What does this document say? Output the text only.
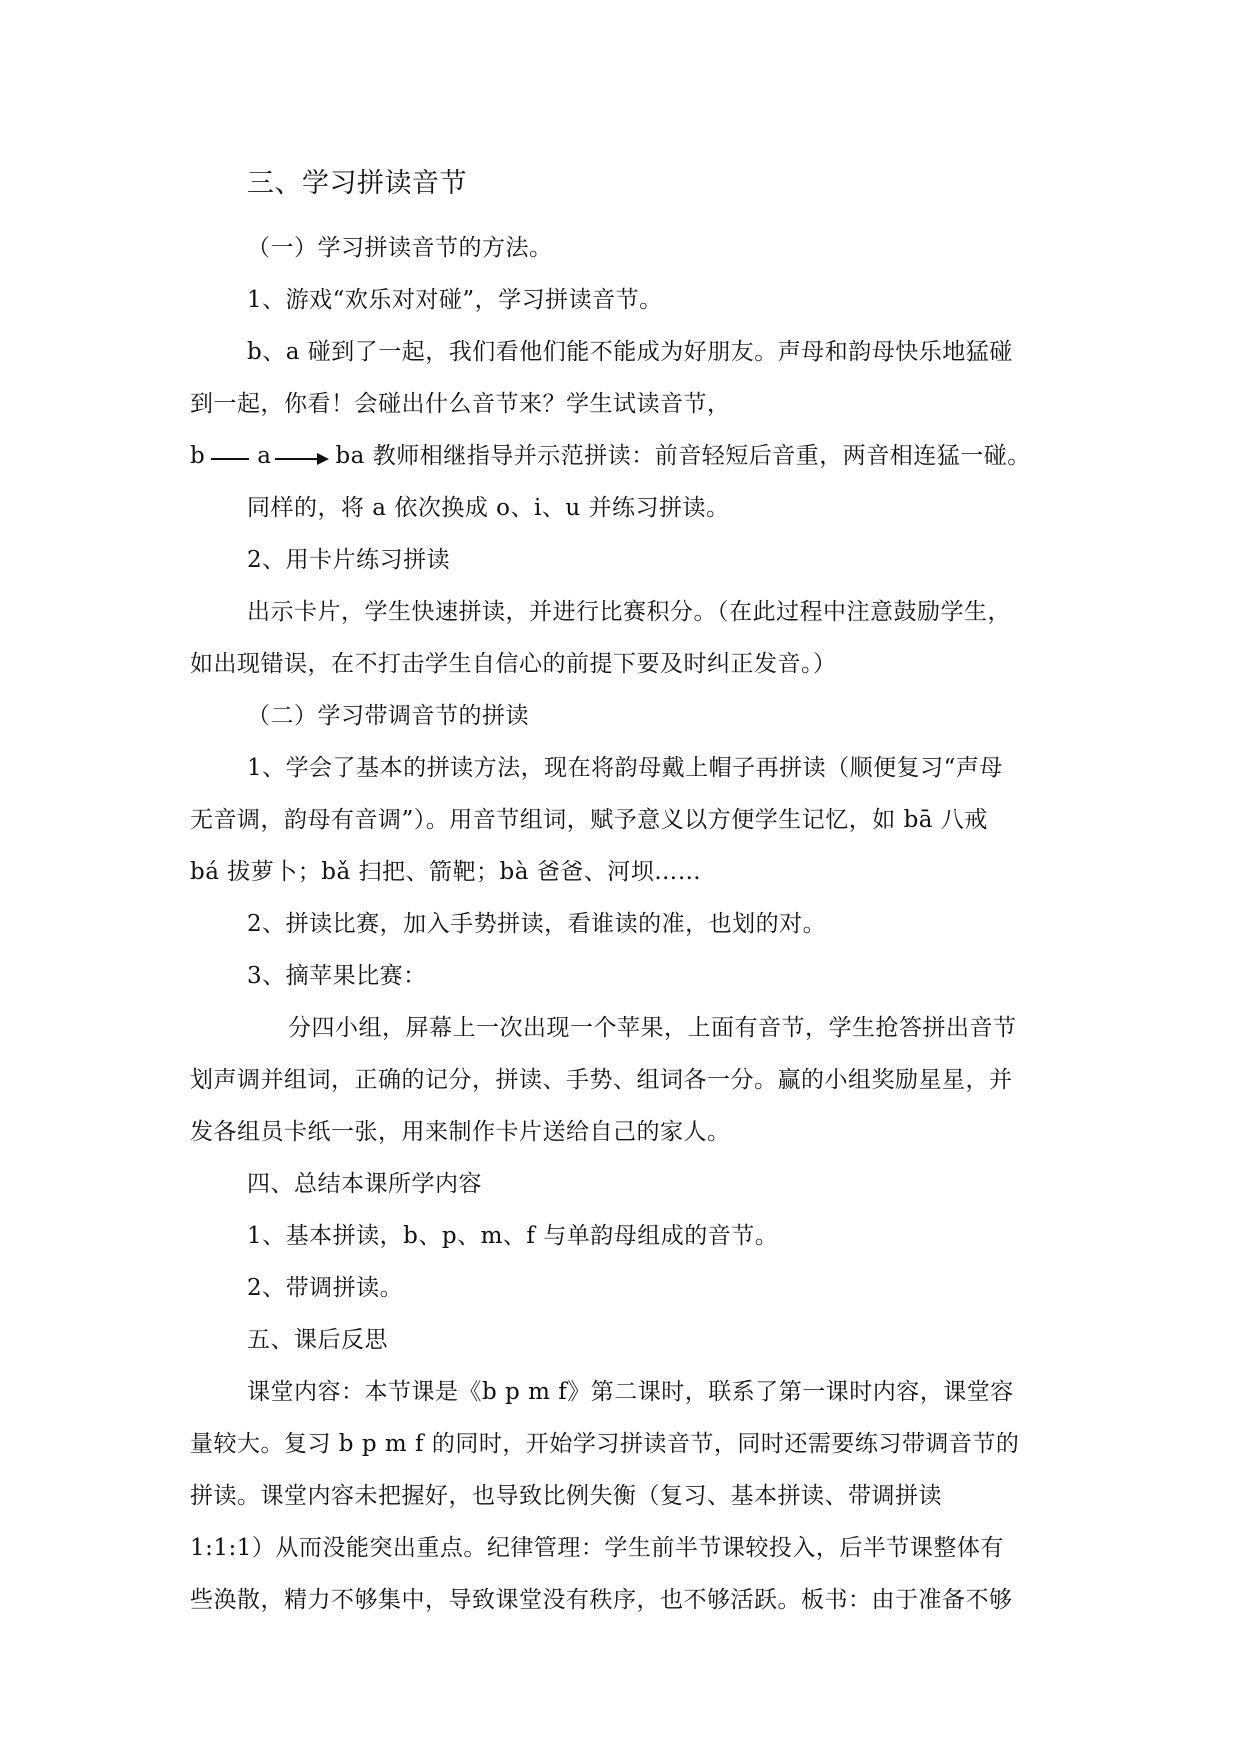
三、学习拼读音节
（一）学习拼读音节的方法。
1、游戏“欢乐对对碰”，学习拼读音节。
b、a 碰到了一起，我们看他们能不能成为好朋友。声母和韵母快乐地猛碰
到一起，你看！会碰出什么音节来？学生试读音节，
b a	ba 教师相继指导并示范拼读：前音轻短后音重，两音相连猛一碰。
同样的，将 a 依次换成 o、i、u 并练习拼读。
2、用卡片练习拼读
出示卡片，学生快速拼读，并进行比赛积分。（在此过程中注意鼓励学生，
如出现错误，在不打击学生自信心的前提下要及时纠正发音。）
（二）学习带调音节的拼读
1、学会了基本的拼读方法，现在将韵母戴上帽子再拼读（顺便复习“声母
无音调，韵母有音调”）。用音节组词，赋予意义以方便学生记忆，如 bā 八戒
bá 拔萝卜；bǎ 扫把、箭靶；bà 爸爸、河坝……
2、拼读比赛，加入手势拼读，看谁读的准，也划的对。
3、摘苹果比赛：
分四小组，屏幕上一次出现一个苹果，上面有音节，学生抢答拼出音节
划声调并组词，正确的记分，拼读、手势、组词各一分。赢的小组奖励星星，并
发各组员卡纸一张，用来制作卡片送给自己的家人。
四、总结本课所学内容
1、基本拼读，b、p、m、f 与单韵母组成的音节。
2、带调拼读。
五、课后反思
课堂内容：本节课是《b p m f》第二课时，联系了第一课时内容，课堂容
量较大。复习 b p m f 的同时，开始学习拼读音节，同时还需要练习带调音节的
拼读。课堂内容未把握好，也导致比例失衡（复习、基本拼读、带调拼读
1:1:1）从而没能突出重点。纪律管理：学生前半节课较投入，后半节课整体有
些涣散，精力不够集中，导致课堂没有秩序，也不够活跃。板书：由于准备不够
